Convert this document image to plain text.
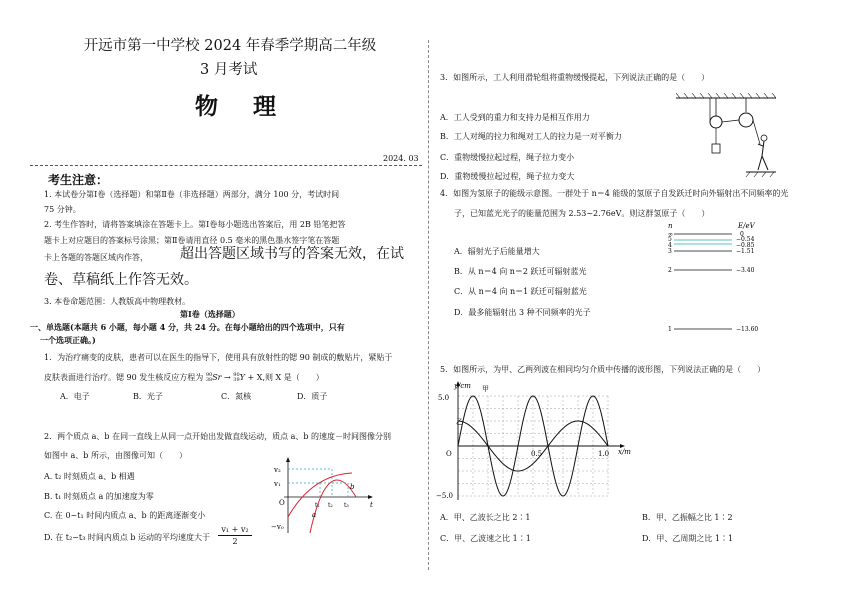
开远市第一中学校 2024 年春季学期高二年级
3 月考试
物　理
2024. 03
考生注意：
1. 本试卷分第Ⅰ卷（选择题）和第Ⅱ卷（非选择题）两部分，满分 100 分，考试时间
75 分钟。
2. 考生作答时，请将答案填涂在答题卡上。第Ⅰ卷每小题选出答案后，用 2B 铅笔把答
题卡上对应题目的答案标号涂黑；第Ⅱ卷请用直径 0.5 毫米的黑色墨水签字笔在答题
卡上各题的答题区域内作答， 超出答题区域书写的答案无效，在试
卷、草稿纸上作答无效。
3. 本卷命题范围：人教版高中物理教材。
第Ⅰ卷（选择题）
一、单选题(本题共 6 小题，每小题 4 分，共 24 分。在每小题给出的四个选项中，只有
一个选项正确。)
1．为治疗痛变的皮肤，患者可以在医生的指导下，使用具有放射性的锶 90 制成的敷贴片，紧贴于
皮肤表面进行治疗。锶 90 发生核反应方程为 90
38Sr → 90
39Y + X,则 X 是（　　）
A．电子	B．光子	C．氮核	D．质子
2．两个质点 a、b 在同一直线上从同一点开始出发做直线运动，质点 a、b 的速度－时间图像分别
如图中 a、b 所示，由图像可知（　　）
A. t₂ 时刻质点 a、b 相遇
B. t₁ 时刻质点 a 的加速度为零
C. 在 0~t₁ 时间内质点 a、b 的距离逐渐变小
D. 在 t₂~t₃ 时间内质点 b 运动的平均速度大于 $\frac{\text{v₁ + v₂}}{2}$
v₂
v₁
O
−v₀
t
t₁ t₂ t₃
a
b
3．如图所示，工人利用滑轮组将重物缓慢提起，下列说法正确的是（　　）
A．工人受到的重力和支持力是相互作用力
B．工人对绳的拉力和绳对工人的拉力是一对平衡力
C．重物缓慢拉起过程，绳子拉力变小
D．重物缓慢拉起过程，绳子拉力变大
4．如图为氢原子的能级示意图。一群处于 n＝4 能级的氢原子自发跃迁时向外辐射出不同频率的光
子，已知蓝光光子的能量范围为 2.53~2.76eV。则这群氢原子（　　）
A．辐射光子后能量增大
B．从 n＝4 向 n＝2 跃迁可辐射蓝光
C．从 n＝4 向 n＝1 跃迁可辐射蓝光
D．最多能辐射出 3 种不同频率的光子
n	E/eV
∞	0
5	−0.54
4	−0.85
3	−1.51
2	−3.40
1	−13.60
5．如图所示，为甲、乙两列波在相同均匀介质中传播的波形图，下列说法正确的是（　　）
y/cm
x/m
5.0
−5.0
O	0.5	1.0
甲
乙
A．甲、乙波长之比 2∶1	B．甲、乙振幅之比 1∶2
C．甲、乙波速之比 1∶1	D．甲、乙周期之比 1∶1
